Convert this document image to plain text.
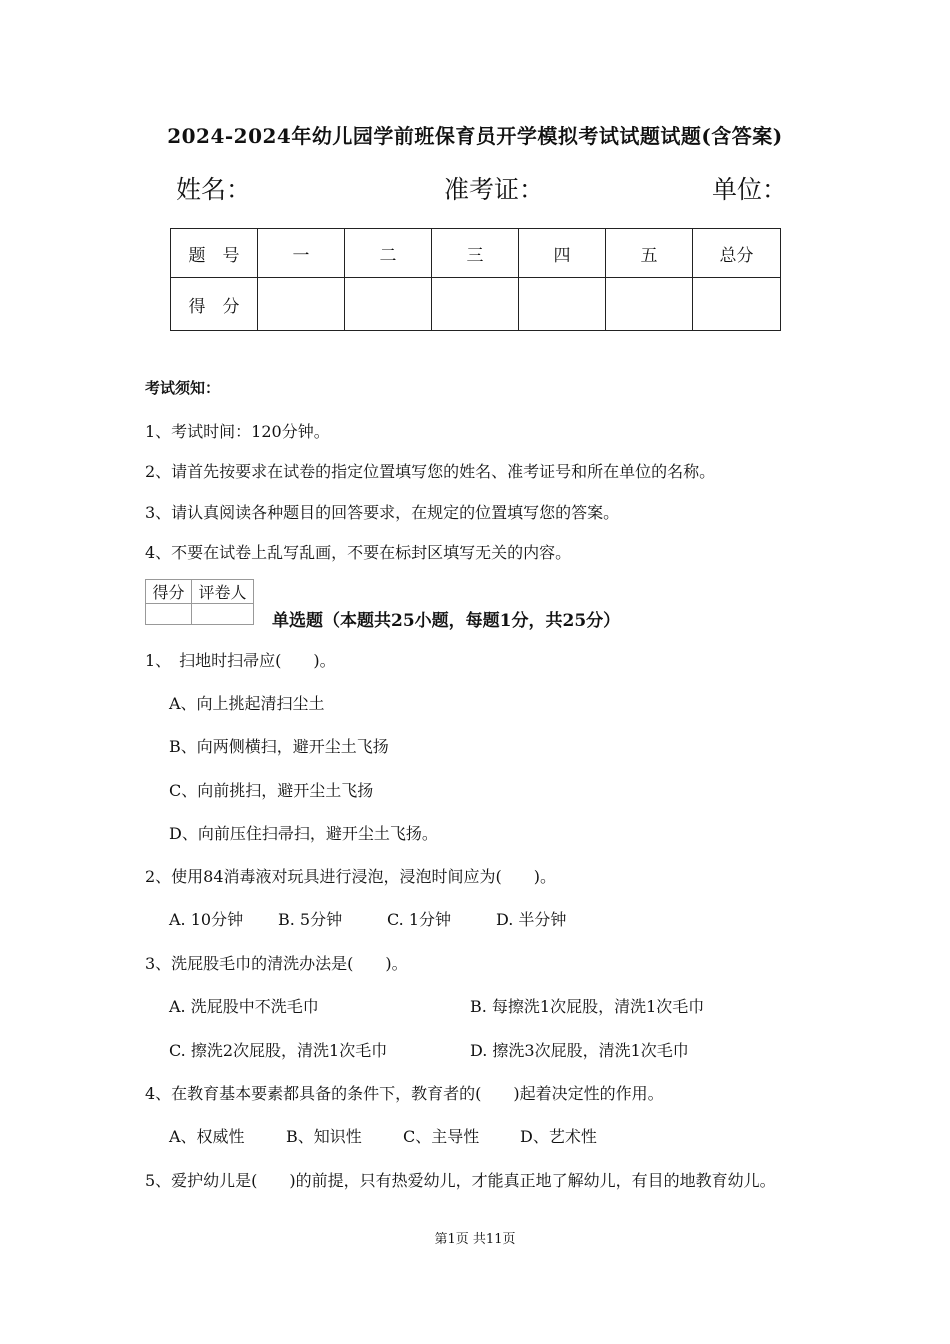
2024-2024年幼儿园学前班保育员开学模拟考试试题试题(含答案)
姓名：	准考证：	单位：
题　号	一	二	三	四	五	总分
得　分						
考试须知：
1、考试时间：120分钟。
2、请首先按要求在试卷的指定位置填写您的姓名、准考证号和所在单位的名称。
3、请认真阅读各种题目的回答要求，在规定的位置填写您的答案。
4、不要在试卷上乱写乱画，不要在标封区填写无关的内容。
得分	评卷人

单选题（本题共25小题，每题1分，共25分）
1、　扫地时扫帚应(　　)。
A、向上挑起清扫尘土
B、向两侧横扫，避开尘土飞扬
C、向前挑扫，避开尘土飞扬
D、向前压住扫帚扫，避开尘土飞扬。
2、使用84消毒液对玩具进行浸泡，浸泡时间应为(　　)。
A. 10分钟 B. 5分钟	C. 1分钟	D. 半分钟
3、洗屁股毛巾的清洗办法是(　　)。
A. 洗屁股中不洗毛巾	B. 每擦洗1次屁股，清洗1次毛巾
C. 擦洗2次屁股，清洗1次毛巾	D. 擦洗3次屁股，清洗1次毛巾
4、在教育基本要素都具备的条件下，教育者的(　　)起着决定性的作用。
A、权威性	B、知识性	C、主导性	D、艺术性
5、爱护幼儿是(　　)的前提，只有热爱幼儿，才能真正地了解幼儿，有目的地教育幼儿。
第1页 共11页
